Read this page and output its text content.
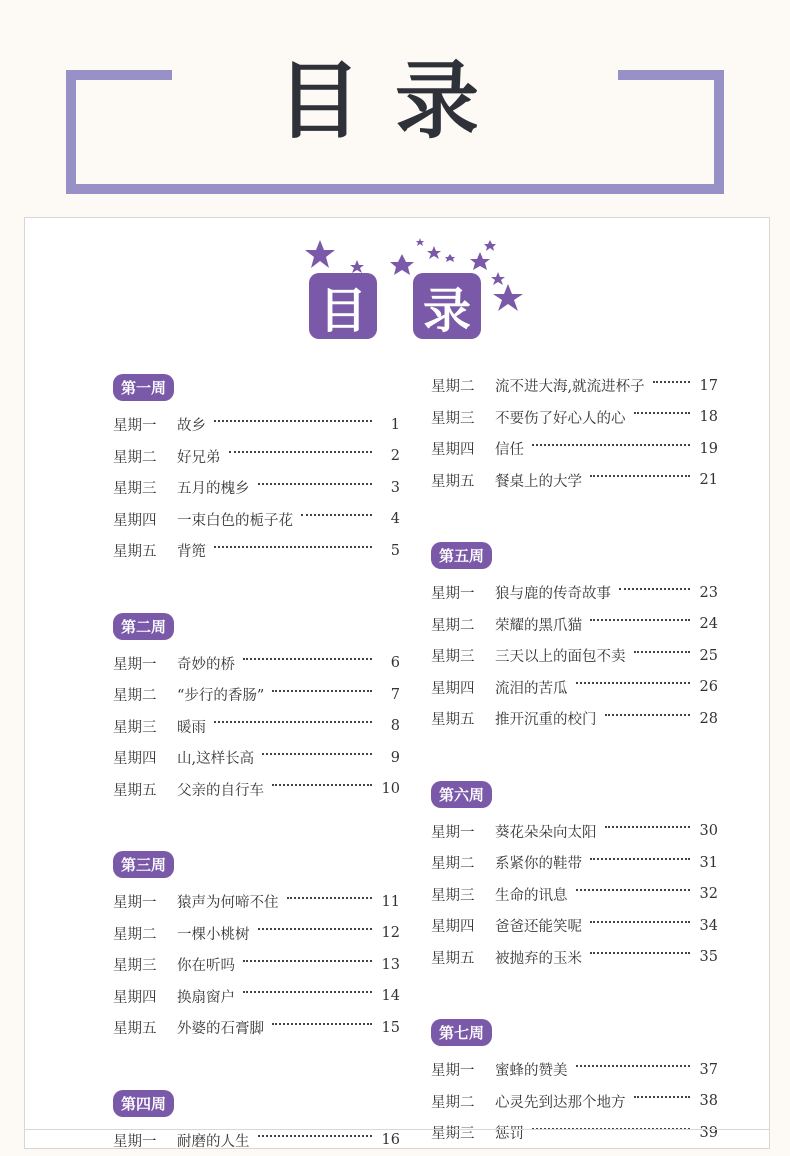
目录
目 录
第一周
星期一	故乡	1
星期二	好兄弟	2
星期三	五月的槐乡	3
星期四	一束白色的栀子花	4
星期五	背篼	5
第二周
星期一	奇妙的桥	6
星期二	“步行的香肠”	7
星期三	暖雨	8
星期四	山,这样长高	9
星期五	父亲的自行车	10
第三周
星期一	猿声为何啼不住	11
星期二	一棵小桃树	12
星期三	你在听吗	13
星期四	换扇窗户	14
星期五	外婆的石膏脚	15
第四周
星期一	耐磨的人生	16
星期二	流不进大海,就流进杯子	17
星期三	不要伤了好心人的心	18
星期四	信任	19
星期五	餐桌上的大学	21
第五周
星期一	狼与鹿的传奇故事	23
星期二	荣耀的黑爪猫	24
星期三	三天以上的面包不卖	25
星期四	流泪的苦瓜	26
星期五	推开沉重的校门	28
第六周
星期一	葵花朵朵向太阳	30
星期二	系紧你的鞋带	31
星期三	生命的讯息	32
星期四	爸爸还能笑呢	34
星期五	被抛弃的玉米	35
第七周
星期一	蜜蜂的赞美	37
星期二	心灵先到达那个地方	38
星期三	惩罚	39
